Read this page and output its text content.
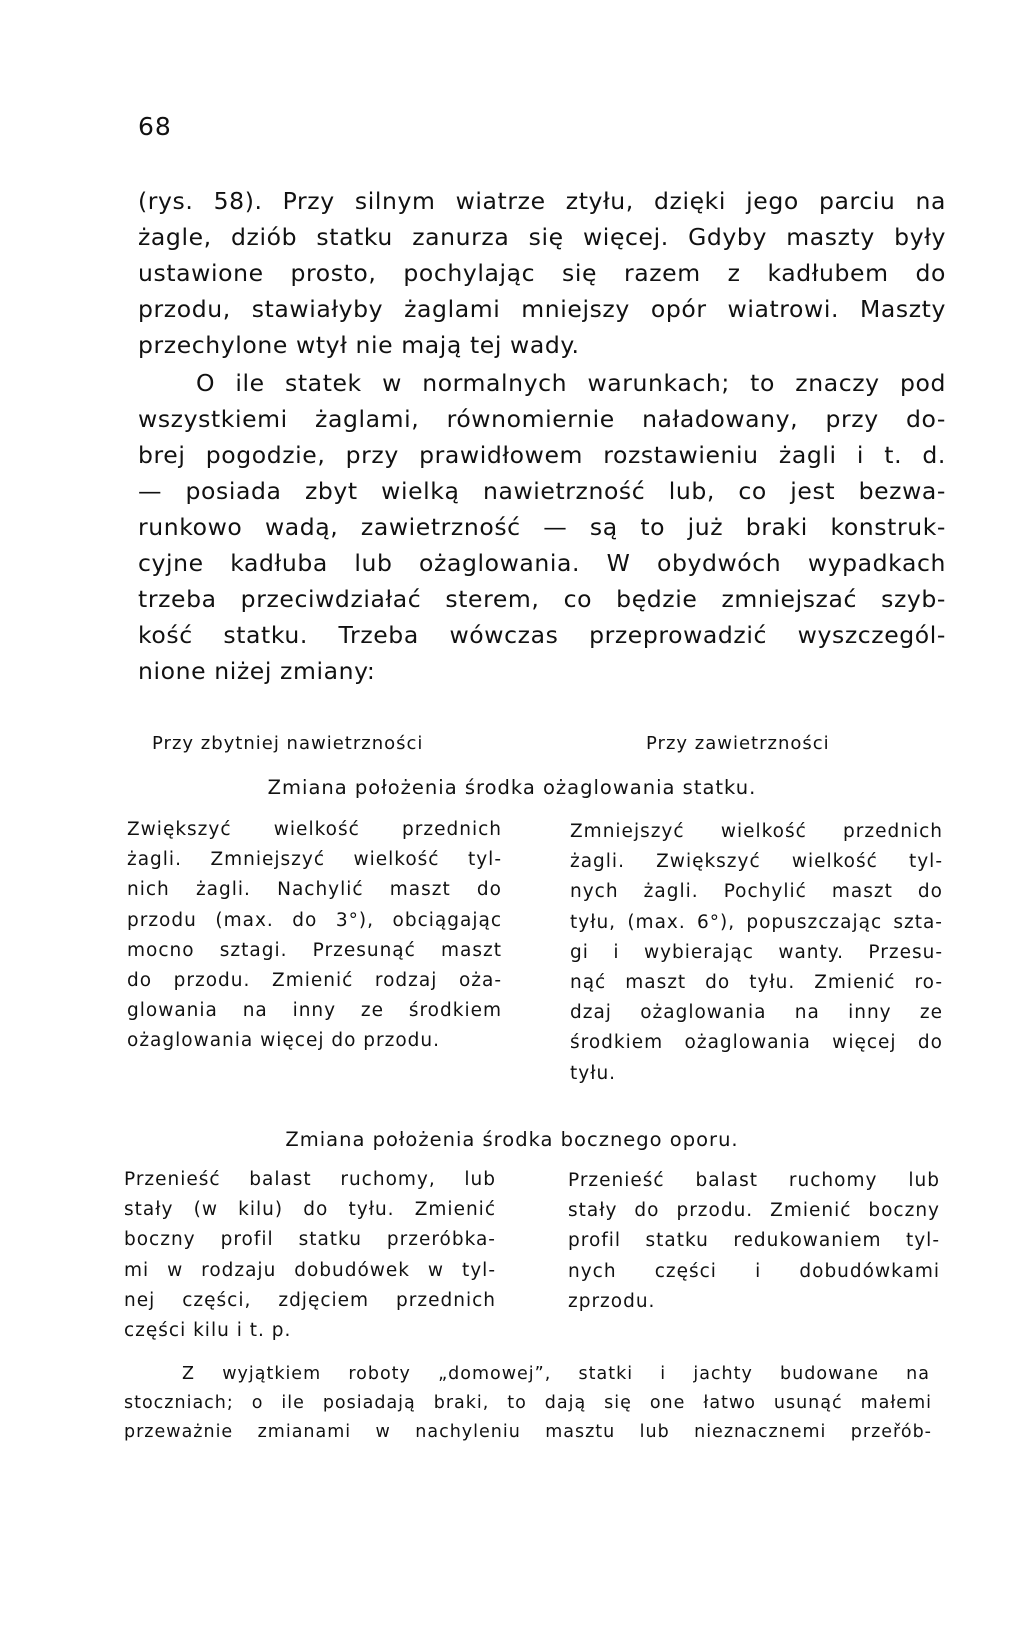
68
(rys. 58). Przy silnym wiatrze ztyłu, dzięki jego parciu na
żagle, dziób statku zanurza się więcej. Gdyby maszty były
ustawione prosto, pochylając się razem z kadłubem do
przodu, stawiałyby żaglami mniejszy opór wiatrowi. Maszty
przechylone wtył nie mają tej wady.
O ile statek w normalnych warunkach; to znaczy pod
wszystkiemi żaglami, równomiernie naładowany, przy do-
brej pogodzie, przy prawidłowem rozstawieniu żagli i t. d.
— posiada zbyt wielką nawietrzność lub, co jest bezwa-
runkowo wadą, zawietrzność — są to już braki konstruk-
cyjne kadłuba lub ożaglowania. W obydwóch wypadkach
trzeba przeciwdziałać sterem, co będzie zmniejszać szyb-
kość statku. Trzeba wówczas przeprowadzić wyszczegól-
nione niżej zmiany:
Przy zbytniej nawietrzności	Przy zawietrzności
Zmiana położenia środka ożaglowania statku.
Zwiększyć wielkość przednich
żagli. Zmniejszyć wielkość tyl-
nich żagli. Nachylić maszt do
przodu (max. do 3°), obciągając
mocno sztagi. Przesunąć maszt
do przodu. Zmienić rodzaj oża-
glowania na inny ze środkiem
ożaglowania więcej do przodu.
Zmniejszyć wielkość przednich
żagli. Zwiększyć wielkość tyl-
nych żagli. Pochylić maszt do
tyłu, (max. 6°), popuszczając szta-
gi i wybierając wanty. Przesu-
nąć maszt do tyłu. Zmienić ro-
dzaj ożaglowania na inny ze
środkiem ożaglowania więcej do
tyłu.
Zmiana położenia środka bocznego oporu.
Przenieść balast ruchomy, lub
stały (w kilu) do tyłu. Zmienić
boczny profil statku przeróbka-
mi w rodzaju dobudówek w tyl-
nej części, zdjęciem przednich
części kilu i t. p.
Przenieść balast ruchomy lub
stały do przodu. Zmienić boczny
profil statku redukowaniem tyl-
nych części i dobudówkami
zprzodu.
Z wyjątkiem roboty „domowej”, statki i jachty budowane na
stoczniach; o ile posiadają braki, to dają się one łatwo usunąć małemi
przeważnie zmianami w nachyleniu masztu lub nieznacznemi przeřób-
